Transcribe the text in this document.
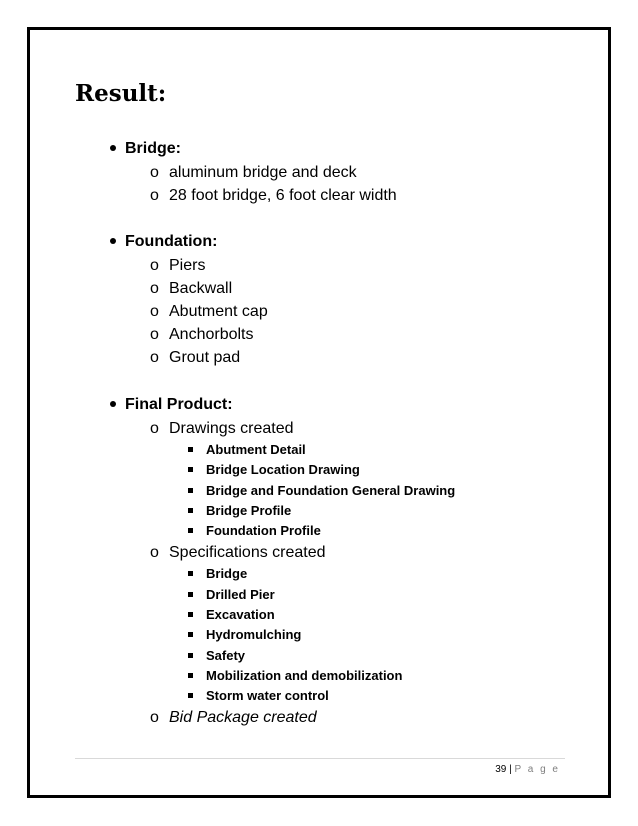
Result:
Bridge:
o aluminum bridge and deck
o 28 foot bridge, 6 foot clear width
Foundation:
o Piers
o Backwall
o Abutment cap
o Anchorbolts
o Grout pad
Final Product:
o Drawings created
Abutment Detail
Bridge Location Drawing
Bridge and Foundation General Drawing
Bridge Profile
Foundation Profile
o Specifications created
Bridge
Drilled Pier
Excavation
Hydromulching
Safety
Mobilization and demobilization
Storm water control
o Bid Package created
39 | P a g e
